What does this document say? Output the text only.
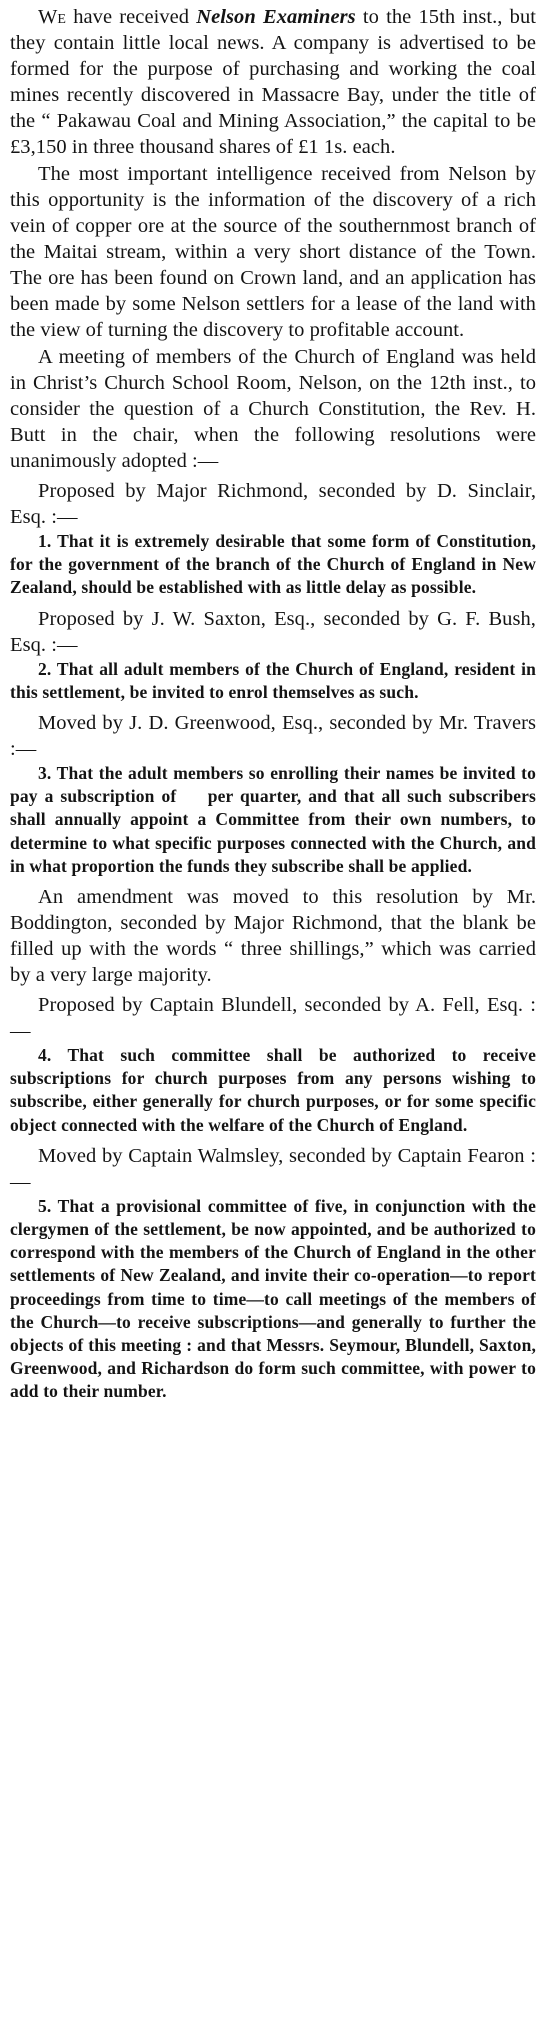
We have received Nelson Examiners to the 15th inst., but they contain little local news. A company is advertised to be formed for the purpose of purchasing and working the coal mines recently discovered in Massacre Bay, under the title of the “ Pakawau Coal and Mining Association,” the capital to be £3,150 in three thousand shares of £1 1s. each.

The most important intelligence received from Nelson by this opportunity is the information of the discovery of a rich vein of copper ore at the source of the southernmost branch of the Maitai stream, within a very short distance of the Town. The ore has been found on Crown land, and an application has been made by some Nelson settlers for a lease of the land with the view of turning the discovery to profitable account.

A meeting of members of the Church of England was held in Christ’s Church School Room, Nelson, on the 12th inst., to consider the question of a Church Constitution, the Rev. H. Butt in the chair, when the following resolutions were unanimously adopted :—

Proposed by Major Richmond, seconded by D. Sinclair, Esq. :—

1. That it is extremely desirable that some form of Constitution, for the government of the branch of the Church of England in New Zealand, should be established with as little delay as possible.

Proposed by J. W. Saxton, Esq., seconded by G. F. Bush, Esq. :—

2. That all adult members of the Church of England, resident in this settlement, be invited to enrol themselves as such.

Moved by J. D. Greenwood, Esq., seconded by Mr. Travers :—

3. That the adult members so enrolling their names be invited to pay a subscription of   per quarter, and that all such subscribers shall annually appoint a Committee from their own numbers, to determine to what specific purposes connected with the Church, and in what proportion the funds they subscribe shall be applied.

An amendment was moved to this resolution by Mr. Boddington, seconded by Major Richmond, that the blank be filled up with the words “ three shillings,” which was carried by a very large majority.

Proposed by Captain Blundell, seconded by A. Fell, Esq. :—

4. That such committee shall be authorized to receive subscriptions for church purposes from any persons wishing to subscribe, either generally for church purposes, or for some specific object connected with the welfare of the Church of England.

Moved by Captain Walmsley, seconded by Captain Fearon :—

5. That a provisional committee of five, in conjunction with the clergymen of the settlement, be now appointed, and be authorized to correspond with the members of the Church of England in the other settlements of New Zealand, and invite their co-operation—to report proceedings from time to time—to call meetings of the members of the Church—to receive subscriptions—and generally to further the objects of this meeting : and that Messrs. Seymour, Blundell, Saxton, Greenwood, and Richardson do form such committee, with power to add to their number.
